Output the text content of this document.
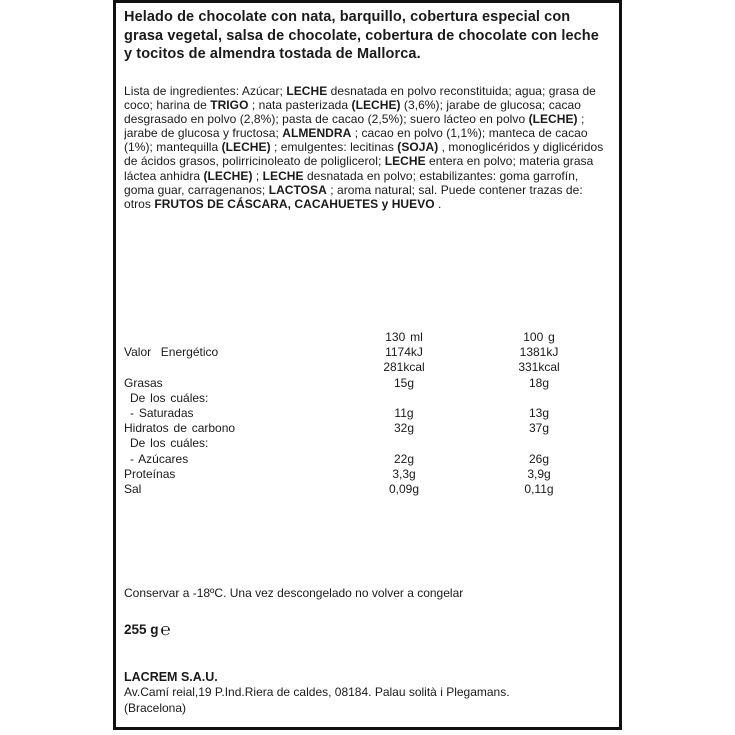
Helado de chocolate con nata, barquillo, cobertura especial con grasa vegetal, salsa de chocolate, cobertura de chocolate con leche y tocitos de almendra tostada de Mallorca.
Lista de ingredientes: Azúcar; LECHE desnatada en polvo reconstituida; agua; grasa de coco; harina de TRIGO ; nata pasterizada (LECHE) (3,6%); jarabe de glucosa; cacao desgrasado en polvo (2,8%); pasta de cacao (2,5%); suero lácteo en polvo (LECHE) ; jarabe de glucosa y fructosa; ALMENDRA ; cacao en polvo (1,1%); manteca de cacao (1%); mantequilla (LECHE) ; emulgentes: lecitinas (SOJA) , monoglicéridos y diglicéridos de ácidos grasos, polirricinoleato de poliglicerol; LECHE entera en polvo; materia grasa láctea anhidra (LECHE) ; LECHE desnatada en polvo; estabilizantes: goma garrofín, goma guar, carragenanos; LACTOSA ; aroma natural; sal. Puede contener trazas de: otros FRUTOS DE CÁSCARA, CACAHUETES y HUEVO .
130 ml	100 g
Valor  Energético	1174kJ	1381kJ
281kcal	331kcal
Grasas	15g	18g
De los cuáles:
- Saturadas	11g	13g
Hidratos de carbono	32g	37g
De los cuáles:
- Azúcares	22g	26g
Proteínas	3,3g	3,9g
Sal	0,09g	0,11g
Conservar a -18ºC. Una vez descongelado no volver a congelar
255 g ℮
LACREM S.A.U.
Av.Camí reial,19 P.Ind.Riera de caldes, 08184. Palau solità i Plegamans.
(Bracelona)
